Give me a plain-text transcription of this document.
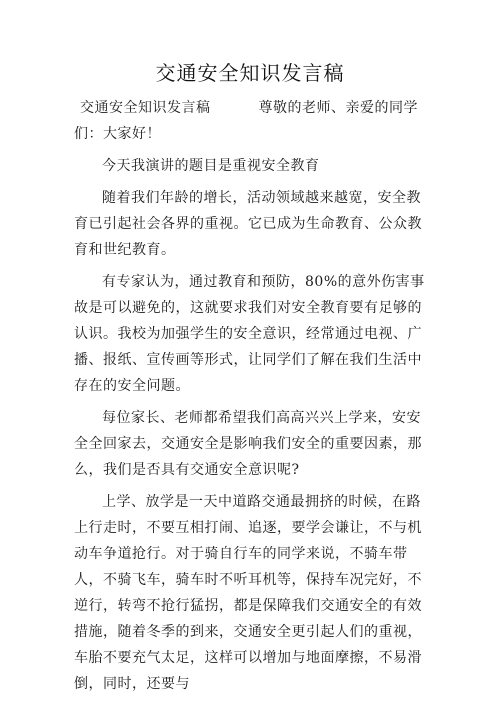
交通安全知识发言稿

交通安全知识发言稿	尊敬的老师、亲爱的同学们：大家好！

今天我演讲的题目是重视安全教育

随着我们年龄的增长，活动领域越来越宽，安全教育已引起社会各界的重视。它已成为生命教育、公众教育和世纪教育。

有专家认为，通过教育和预防，80%的意外伤害事故是可以避免的，这就要求我们对安全教育要有足够的认识。我校为加强学生的安全意识，经常通过电视、广播、报纸、宣传画等形式，让同学们了解在我们生活中存在的安全问题。

每位家长、老师都希望我们高高兴兴上学来，安安全全回家去，交通安全是影响我们安全的重要因素，那么，我们是否具有交通安全意识呢?

上学、放学是一天中道路交通最拥挤的时候，在路上行走时，不要互相打闹、追逐，要学会谦让，不与机动车争道抢行。对于骑自行车的同学来说，不骑车带人，不骑飞车，骑车时不听耳机等，保持车况完好，不逆行，转弯不抢行猛拐，都是保障我们交通安全的有效措施，随着冬季的到来，交通安全更引起人们的重视，车胎不要充气太足，这样可以增加与地面摩擦，不易滑倒，同时，还要与
